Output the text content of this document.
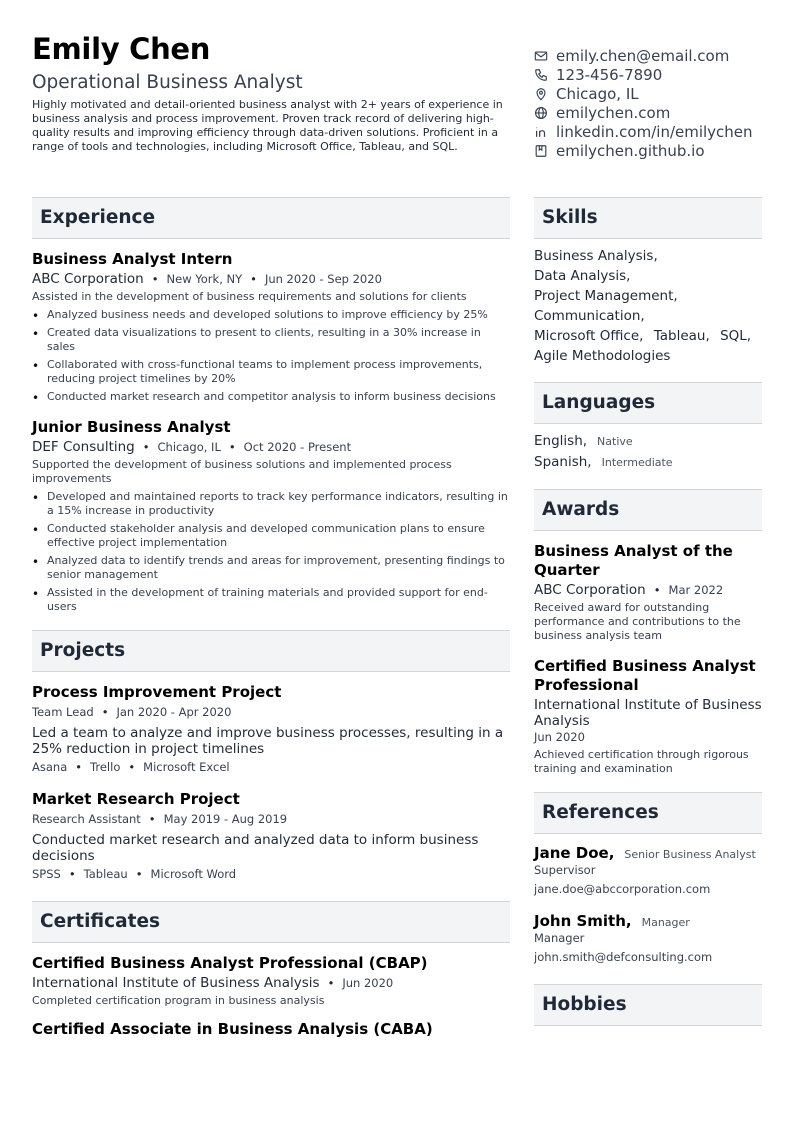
Emily Chen
Operational Business Analyst
Highly motivated and detail-oriented business analyst with 2+ years of experience in business analysis and process improvement. Proven track record of delivering high-quality results and improving efficiency through data-driven solutions. Proficient in a range of tools and technologies, including Microsoft Office, Tableau, and SQL.
emily.chen@email.com
123-456-7890
Chicago, IL
emilychen.com
linkedin.com/in/emilychen
emilychen.github.io
Experience
Business Analyst Intern
ABC Corporation • New York, NY • Jun 2020 - Sep 2020
Assisted in the development of business requirements and solutions for clients
• Analyzed business needs and developed solutions to improve efficiency by 25%
• Created data visualizations to present to clients, resulting in a 30% increase in sales
• Collaborated with cross-functional teams to implement process improvements, reducing project timelines by 20%
• Conducted market research and competitor analysis to inform business decisions
Junior Business Analyst
DEF Consulting • Chicago, IL • Oct 2020 - Present
Supported the development of business solutions and implemented process improvements
• Developed and maintained reports to track key performance indicators, resulting in a 15% increase in productivity
• Conducted stakeholder analysis and developed communication plans to ensure effective project implementation
• Analyzed data to identify trends and areas for improvement, presenting findings to senior management
• Assisted in the development of training materials and provided support for end-users
Projects
Process Improvement Project
Team Lead • Jan 2020 - Apr 2020
Led a team to analyze and improve business processes, resulting in a 25% reduction in project timelines
Asana • Trello • Microsoft Excel
Market Research Project
Research Assistant • May 2019 - Aug 2019
Conducted market research and analyzed data to inform business decisions
SPSS • Tableau • Microsoft Word
Certificates
Certified Business Analyst Professional (CBAP)
International Institute of Business Analysis • Jun 2020
Completed certification program in business analysis
Certified Associate in Business Analysis (CABA)
Skills
Business Analysis,
Data Analysis,
Project Management,
Communication,
Microsoft Office, Tableau, SQL,
Agile Methodologies
Languages
English, Native
Spanish, Intermediate
Awards
Business Analyst of the Quarter
ABC Corporation • Mar 2022
Received award for outstanding performance and contributions to the business analysis team
Certified Business Analyst Professional
International Institute of Business Analysis
Jun 2020
Achieved certification through rigorous training and examination
References
Jane Doe, Senior Business Analyst
Supervisor
jane.doe@abccorporation.com
John Smith, Manager
Manager
john.smith@defconsulting.com
Hobbies
